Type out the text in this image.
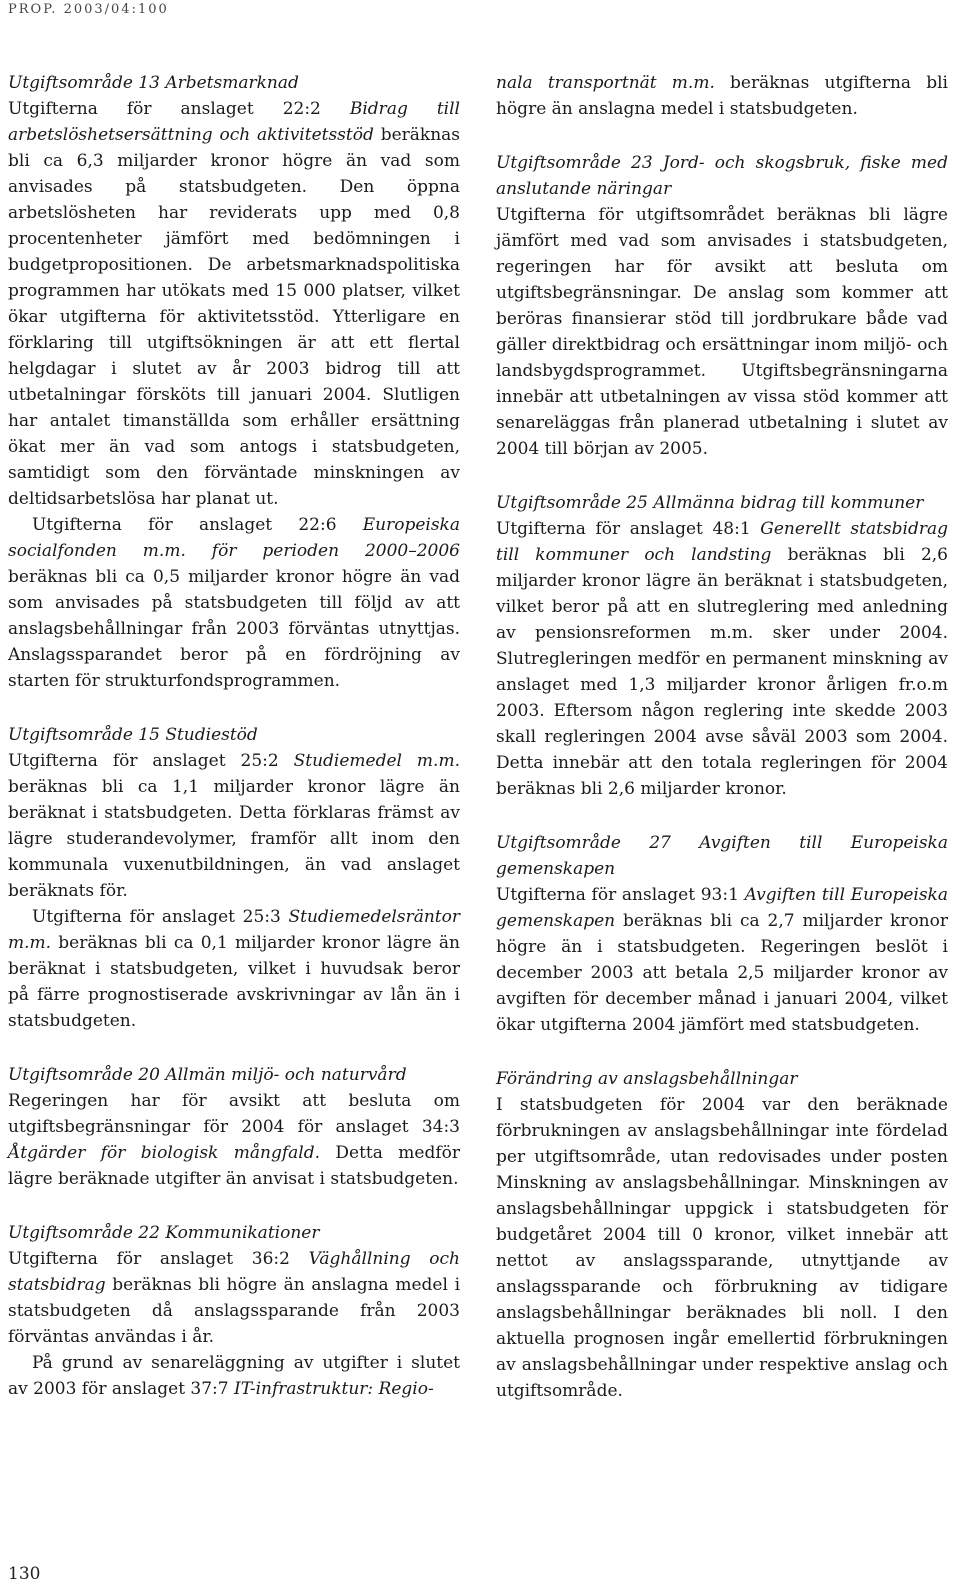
PROP. 2003/04:100
Utgiftsområde 13 Arbetsmarknad

Utgifterna för anslaget 22:2 Bidrag till arbetslöshetsersättning och aktivitetsstöd beräknas bli ca 6,3 miljarder kronor högre än vad som anvisades på statsbudgeten. Den öppna arbetslösheten har reviderats upp med 0,8 procentenheter jämfört med bedömningen i budgetpropositionen. De arbetsmarknadspolitiska programmen har utökats med 15 000 platser, vilket ökar utgifterna för aktivitetsstöd. Ytterligare en förklaring till utgiftsökningen är att ett flertal helgdagar i slutet av år 2003 bidrog till att utbetalningar försköts till januari 2004. Slutligen har antalet timanställda som erhåller ersättning ökat mer än vad som antogs i statsbudgeten, samtidigt som den förväntade minskningen av deltidsarbetslösa har planat ut.

Utgifterna för anslaget 22:6 Europeiska socialfonden m.m. för perioden 2000–2006 beräknas bli ca 0,5 miljarder kronor högre än vad som anvisades på statsbudgeten till följd av att anslagsbehållningar från 2003 förväntas utnyttjas. Anslagssparandet beror på en fördröjning av starten för strukturfondsprogrammen.

Utgiftsområde 15 Studiestöd

Utgifterna för anslaget 25:2 Studiemedel m.m. beräknas bli ca 1,1 miljarder kronor lägre än beräknat i statsbudgeten. Detta förklaras främst av lägre studerandevolymer, framför allt inom den kommunala vuxenutbildningen, än vad anslaget beräknats för.

Utgifterna för anslaget 25:3 Studiemedelsräntor m.m. beräknas bli ca 0,1 miljarder kronor lägre än beräknat i statsbudgeten, vilket i huvudsak beror på färre prognostiserade avskrivningar av lån än i statsbudgeten.

Utgiftsområde 20 Allmän miljö- och naturvård

Regeringen har för avsikt att besluta om utgiftsbegränsningar för 2004 för anslaget 34:3 Åtgärder för biologisk mångfald. Detta medför lägre beräknade utgifter än anvisat i statsbudgeten.

Utgiftsområde 22 Kommunikationer

Utgifterna för anslaget 36:2 Väghållning och statsbidrag beräknas bli högre än anslagna medel i statsbudgeten då anslagssparande från 2003 förväntas användas i år.

På grund av senareläggning av utgifter i slutet av 2003 för anslaget 37:7 IT-infrastruktur: Regio-

nala transportnät m.m. beräknas utgifterna bli högre än anslagna medel i statsbudgeten.

Utgiftsområde 23 Jord- och skogsbruk, fiske med anslutande näringar

Utgifterna för utgiftsområdet beräknas bli lägre jämfört med vad som anvisades i statsbudgeten, regeringen har för avsikt att besluta om utgiftsbegränsningar. De anslag som kommer att beröras finansierar stöd till jordbrukare både vad gäller direktbidrag och ersättningar inom miljö- och landsbygdsprogrammet. Utgiftsbegränsningarna innebär att utbetalningen av vissa stöd kommer att senareläggas från planerad utbetalning i slutet av 2004 till början av 2005.

Utgiftsområde 25 Allmänna bidrag till kommuner

Utgifterna för anslaget 48:1 Generellt statsbidrag till kommuner och landsting beräknas bli 2,6 miljarder kronor lägre än beräknat i statsbudgeten, vilket beror på att en slutreglering med anledning av pensionsreformen m.m. sker under 2004. Slutregleringen medför en permanent minskning av anslaget med 1,3 miljarder kronor årligen fr.o.m 2003. Eftersom någon reglering inte skedde 2003 skall regleringen 2004 avse såväl 2003 som 2004. Detta innebär att den totala regleringen för 2004 beräknas bli 2,6 miljarder kronor.

Utgiftsområde 27 Avgiften till Europeiska gemenskapen

Utgifterna för anslaget 93:1 Avgiften till Europeiska gemenskapen beräknas bli ca 2,7 miljarder kronor högre än i statsbudgeten. Regeringen beslöt i december 2003 att betala 2,5 miljarder kronor av avgiften för december månad i januari 2004, vilket ökar utgifterna 2004 jämfört med statsbudgeten.

Förändring av anslagsbehållningar

I statsbudgeten för 2004 var den beräknade förbrukningen av anslagsbehållningar inte fördelad per utgiftsområde, utan redovisades under posten Minskning av anslagsbehållningar. Minskningen av anslagsbehållningar uppgick i statsbudgeten för budgetåret 2004 till 0 kronor, vilket innebär att nettot av anslagssparande, utnyttjande av anslagssparande och förbrukning av tidigare anslagsbehållningar beräknades bli noll. I den aktuella prognosen ingår emellertid förbrukningen av anslagsbehållningar under respektive anslag och utgiftsområde.

130
